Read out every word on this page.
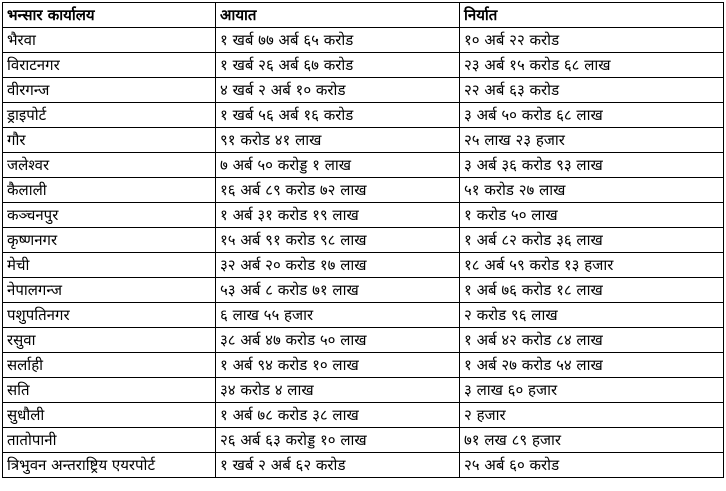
भन्सार कार्यालय	आयात	निर्यात
भैरवा	१ खर्ब ७७ अर्ब ६५ करोड	१० अर्ब २२ करोड
विराटनगर	१ खर्ब २६ अर्ब ६७ करोड	२३ अर्ब १५ करोड ६८ लाख
वीरगन्ज	४ खर्ब २ अर्ब १० करोड	२२ अर्ब ६३ करोड
ड्राइपोर्ट	१ खर्ब ५६ अर्ब १६ करोड	३ अर्ब ५० करोड ६८ लाख
गौर	९१ करोड ४१ लाख	२५ लाख २३ हजार
जलेश्वर	७ अर्ब ५० करोड्ड १ लाख	३ अर्ब ३६ करोड ९३ लाख
कैलाली	१६ अर्ब ८९ करोड ७२ लाख	५१ करोड २७ लाख
कञ्चनपुर	१ अर्ब ३१ करोड १९ लाख	१ करोड ५० लाख
कृष्णनगर	१५ अर्ब ९१ करोड ९८ लाख	१ अर्ब ८२ करोड ३६ लाख
मेची	३२ अर्ब २० करोड १७ लाख	१८ अर्ब ५९ करोड १३ हजार
नेपालगन्ज	५३ अर्ब ८ करोड ७१ लाख	१ अर्ब ७६ करोड १८ लाख
पशुपतिनगर	६ लाख ५५ हजार	२ करोड ९६ लाख
रसुवा	३८ अर्ब ४७ करोड ५० लाख	१ अर्ब ४२ करोड ८४ लाख
सर्लाही	१ अर्ब ९४ करोड १० लाख	१ अर्ब २७ करोड ५४ लाख
सति	३४ करोड ४ लाख	३ लाख ६० हजार
सुधौली	१ अर्ब ७८ करोड ३८ लाख	२ हजार
तातोपानी	२६ अर्ब ६३ करोड्ड १० लाख	७१ लख ८९ हजार
त्रिभुवन अन्तराष्ट्रिय एयरपोर्ट	१ खर्ब २ अर्ब ६२ करोड	२५ अर्ब ६० करोड
